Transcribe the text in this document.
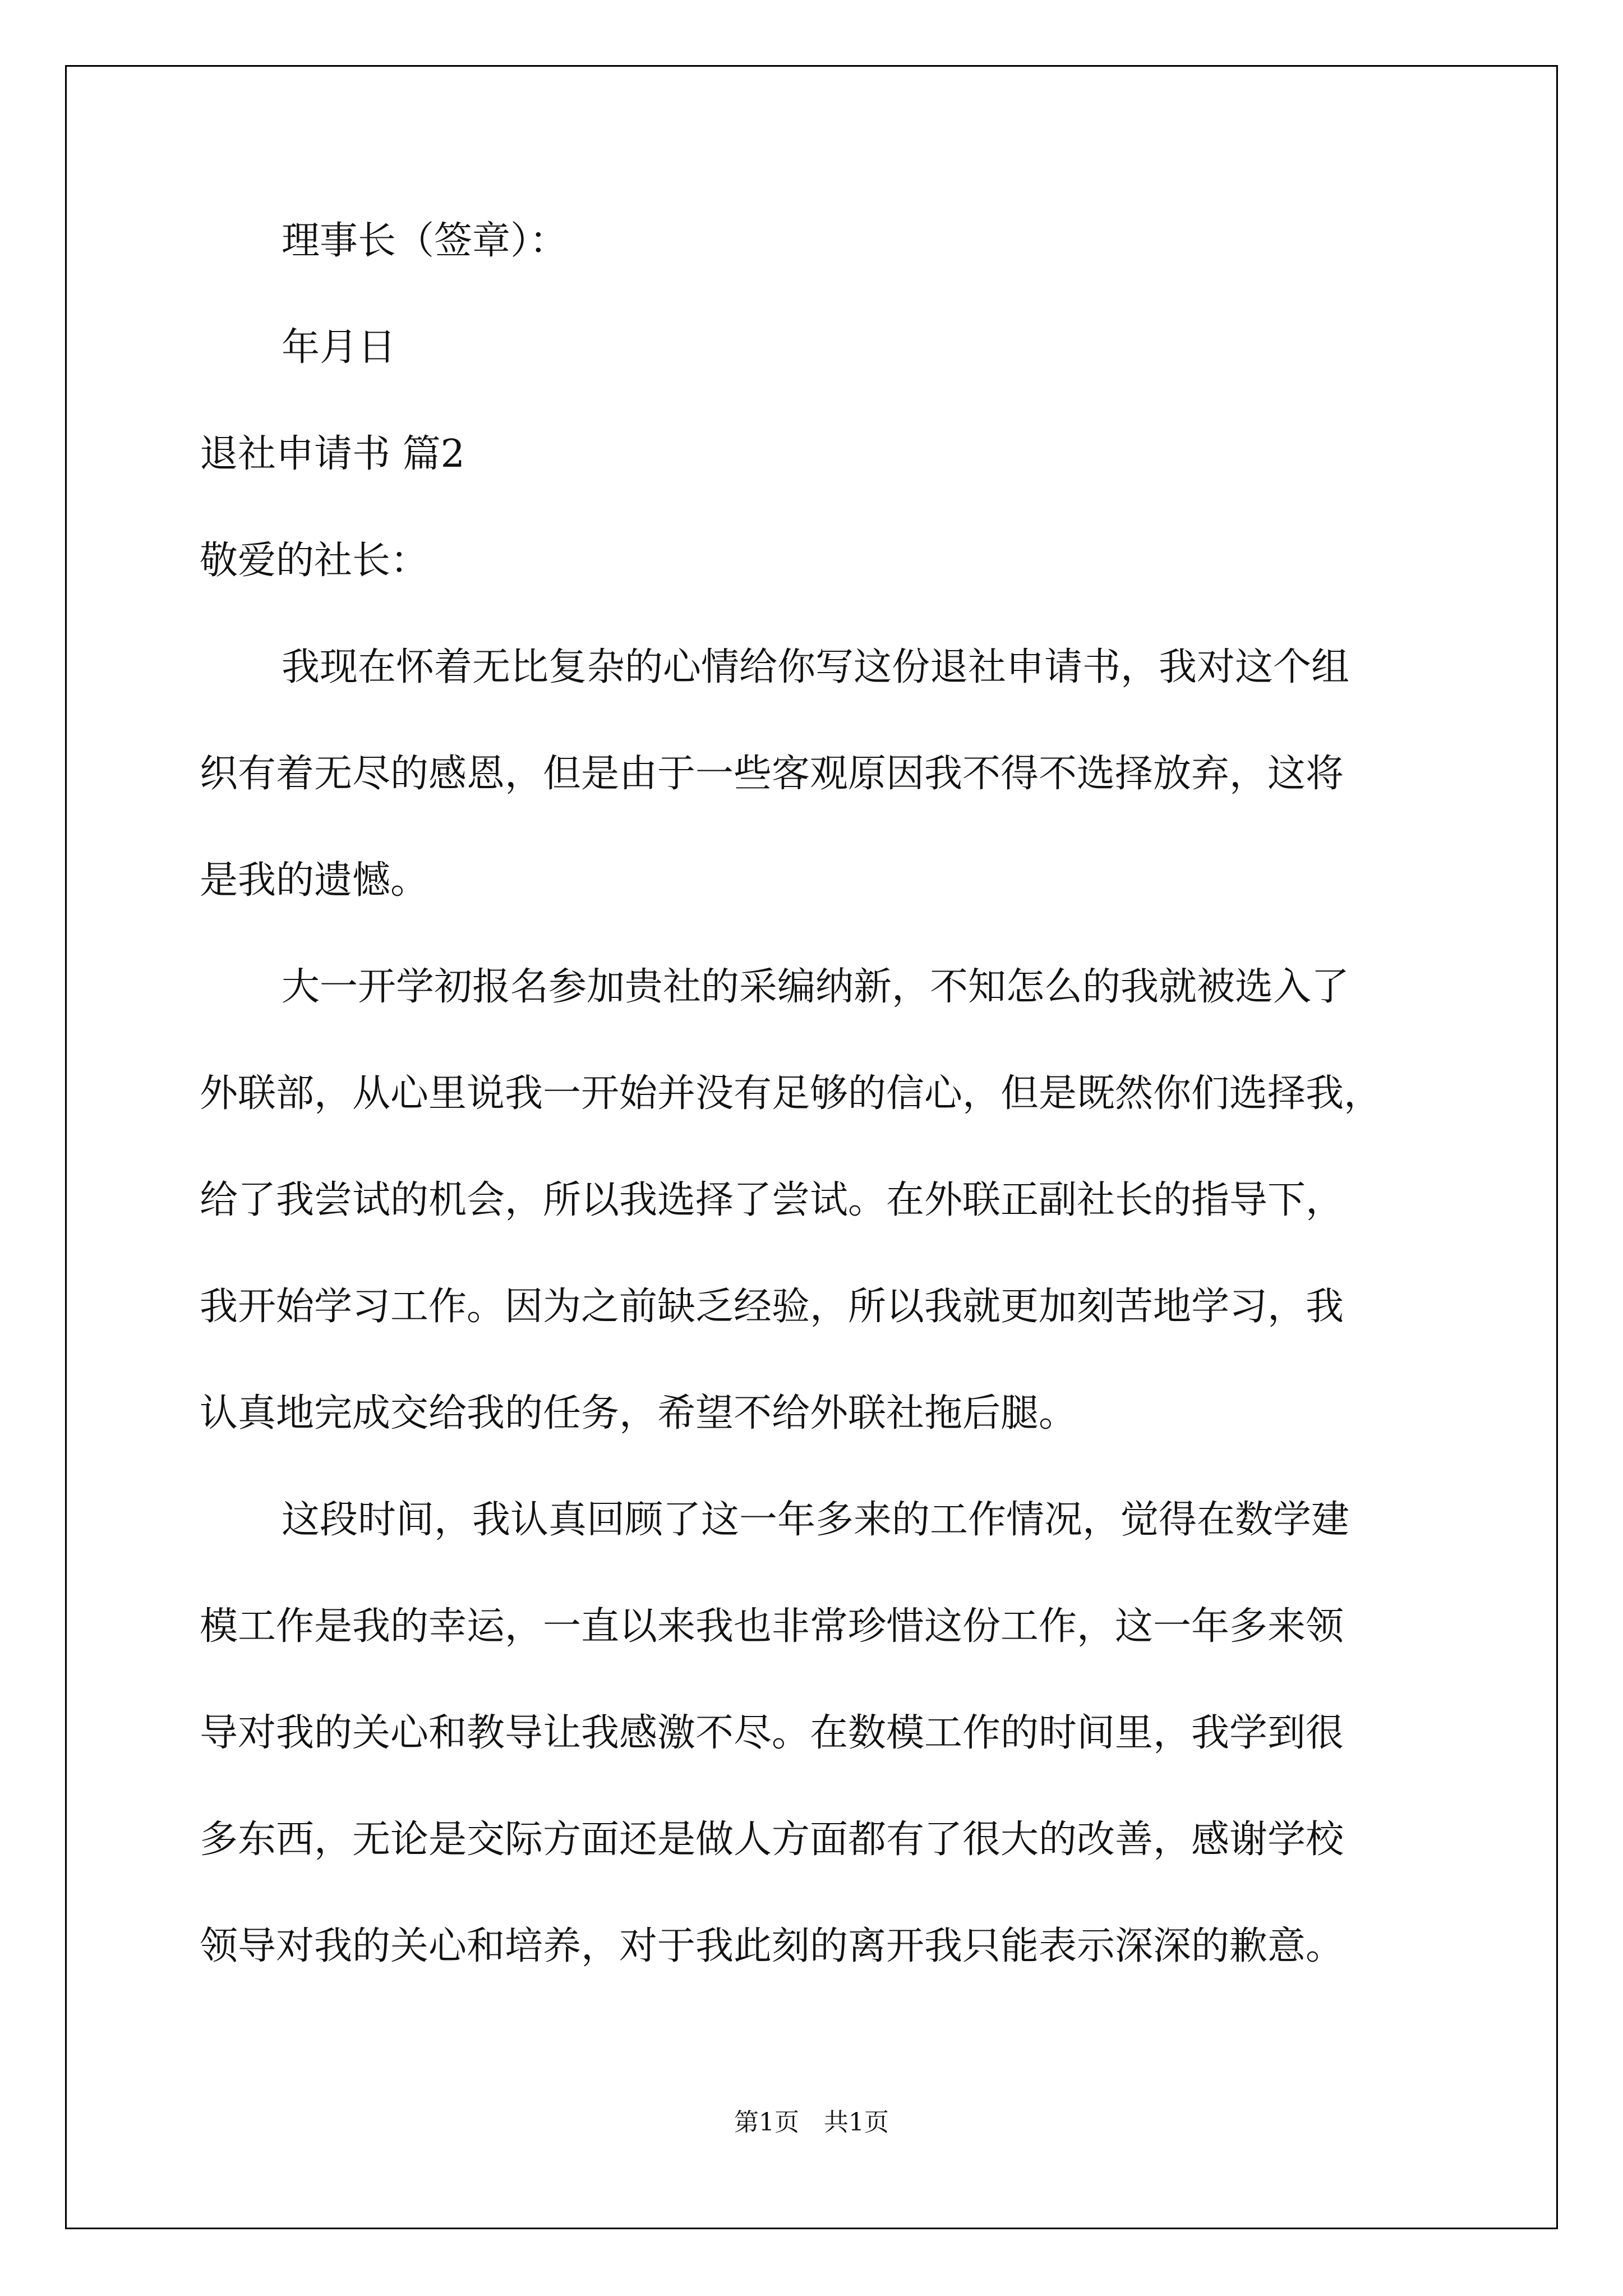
理事长（签章）：
年月日
退社申请书 篇2
敬爱的社长：
我现在怀着无比复杂的心情给你写这份退社申请书，我对这个组
织有着无尽的感恩，但是由于一些客观原因我不得不选择放弃，这将
是我的遗憾。
大一开学初报名参加贵社的采编纳新，不知怎么的我就被选入了
外联部，从心里说我一开始并没有足够的信心，但是既然你们选择我，
给了我尝试的机会，所以我选择了尝试。在外联正副社长的指导下，
我开始学习工作。因为之前缺乏经验，所以我就更加刻苦地学习，我
认真地完成交给我的任务，希望不给外联社拖后腿。
这段时间，我认真回顾了这一年多来的工作情况，觉得在数学建
模工作是我的幸运，一直以来我也非常珍惜这份工作，这一年多来领
导对我的关心和教导让我感激不尽。在数模工作的时间里，我学到很
多东西，无论是交际方面还是做人方面都有了很大的改善，感谢学校
领导对我的关心和培养，对于我此刻的离开我只能表示深深的歉意。
第1页　共1页
